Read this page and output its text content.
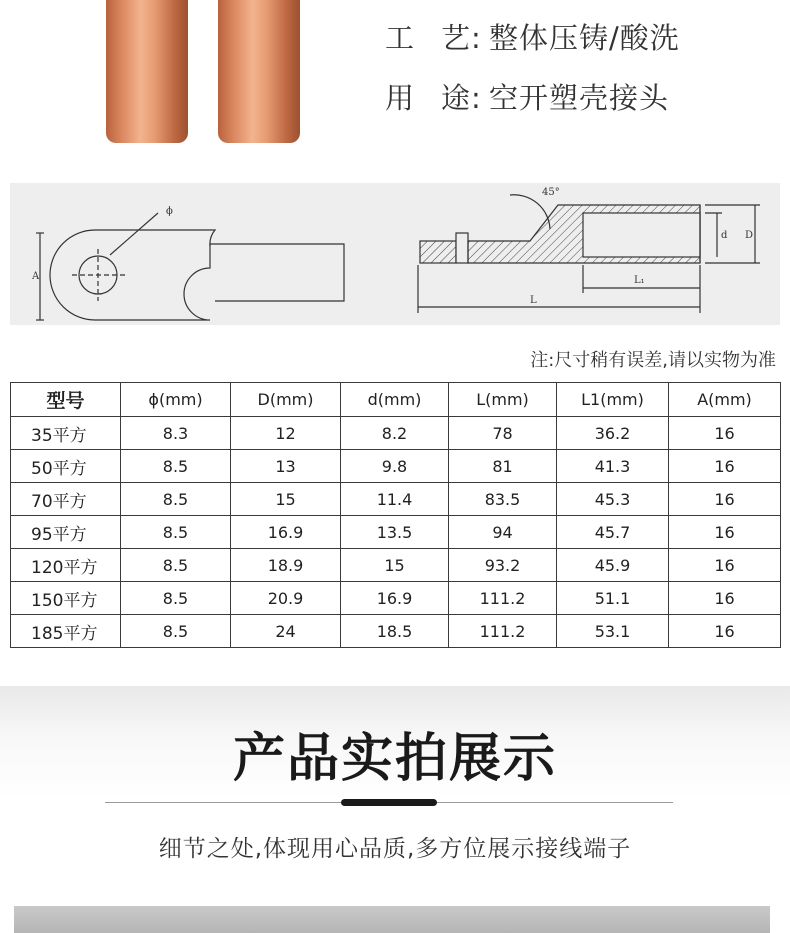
工 艺: 整体压铸/酸洗
用 途: 空开塑壳接头
ϕ
A
45°
d D
L₁
L
注:尺寸稍有误差,请以实物为准
型号	ϕ(mm)	D(mm)	d(mm)	L(mm)	L1(mm)	A(mm)
35平方	8.3	12	8.2	78	36.2	16
50平方	8.5	13	9.8	81	41.3	16
70平方	8.5	15	11.4	83.5	45.3	16
95平方	8.5	16.9	13.5	94	45.7	16
120平方	8.5	18.9	15	93.2	45.9	16
150平方	8.5	20.9	16.9	111.2	51.1	16
185平方	8.5	24	18.5	111.2	53.1	16
产品实拍展示
细节之处,体现用心品质,多方位展示接线端子
